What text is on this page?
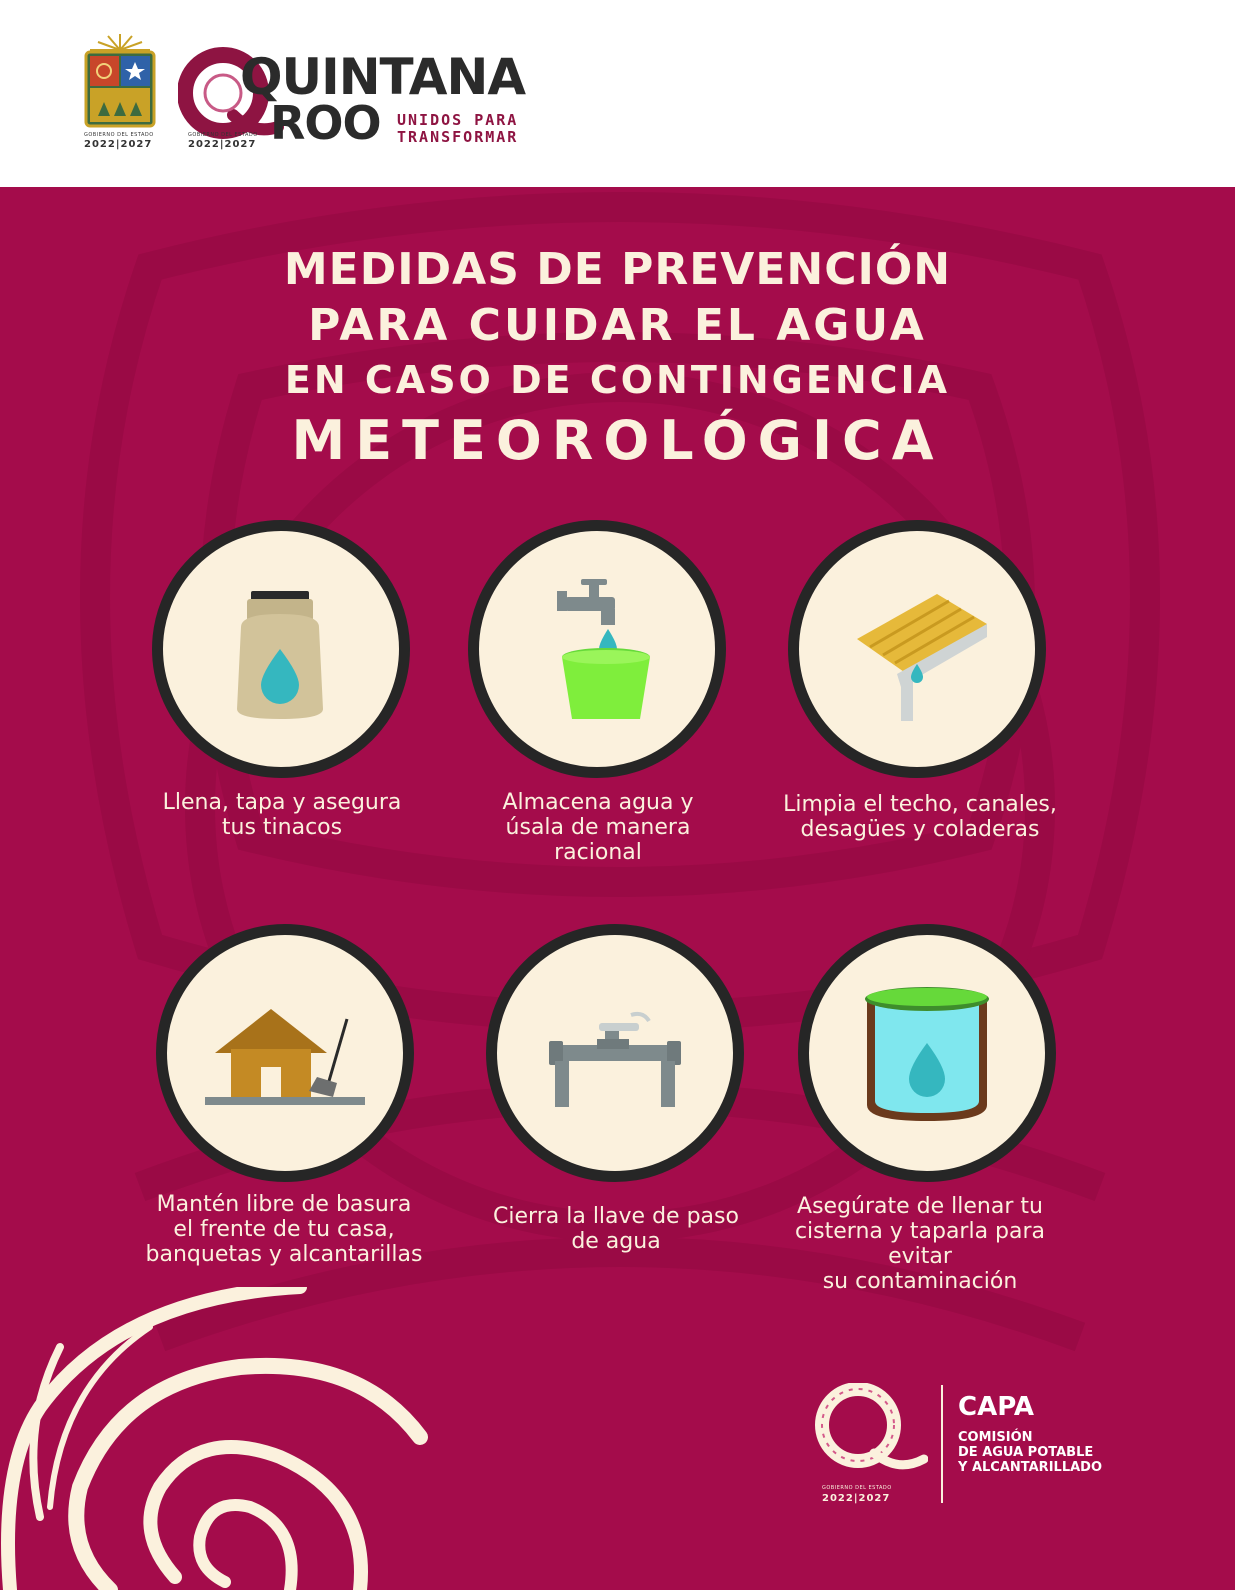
GOBIERNO DEL ESTADO
2022|2027
QUINTANA
ROO UNIDOS PARA
TRANSFORMAR
GOBIERNO DEL ESTADO
2022|2027
MEDIDAS DE PREVENCIÓN
PARA CUIDAR EL AGUA
EN CASO DE CONTINGENCIA
METEOROLÓGICA
Llena, tapa y asegura
tus tinacos
Almacena agua y
úsala de manera
racional
Limpia el techo, canales,
desagües y coladeras
Mantén libre de basura
el frente de tu casa,
banquetas y alcantarillas
Cierra la llave de paso
de agua
Asegúrate de llenar tu
cisterna y taparla para evitar
su contaminación
GOBIERNO DEL ESTADO
2022|2027
CAPA
COMISIÓN
DE AGUA POTABLE
Y ALCANTARILLADO
